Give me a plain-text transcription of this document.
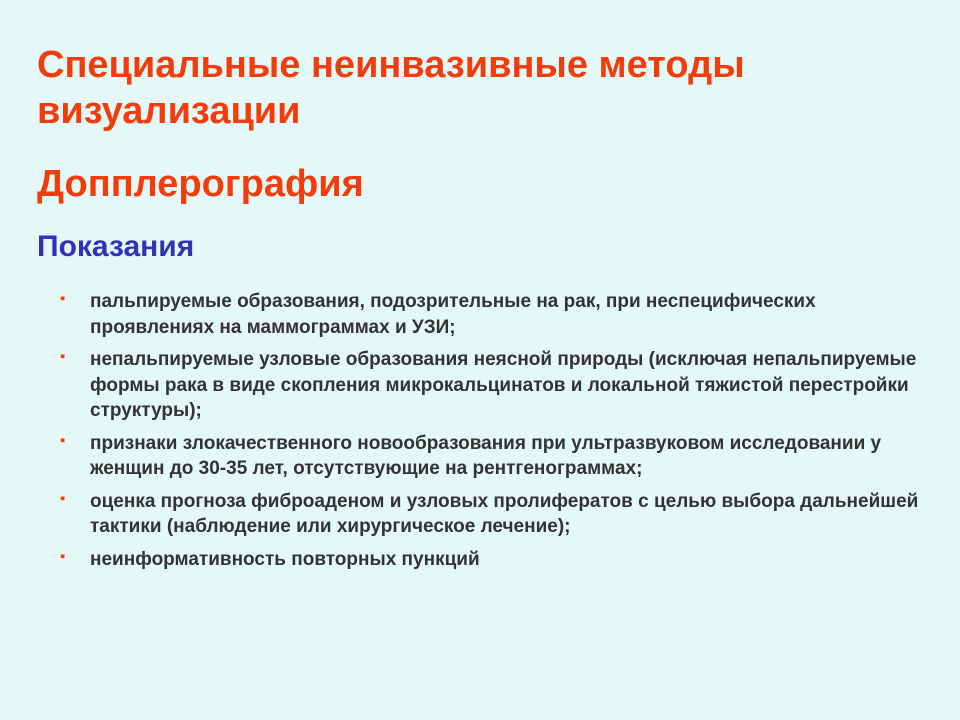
Специальные неинвазивные методы визуализации
Допплерография
Показания
▪	пальпируемые образования, подозрительные на рак, при неспецифических проявлениях на маммограммах и УЗИ;
▪	непальпируемые узловые образования неясной природы (исключая непальпируемые формы рака в виде скопления микрокальцинатов и локальной тяжистой перестройки структуры);
▪	признаки злокачественного новообразования при ультразвуковом исследовании у женщин до 30-35 лет, отсутствующие на рентгенограммах;
▪	оценка прогноза фиброаденом и узловых пролифератов с целью выбора дальнейшей тактики (наблюдение или хирургическое лечение);
▪	неинформативность повторных пункций
